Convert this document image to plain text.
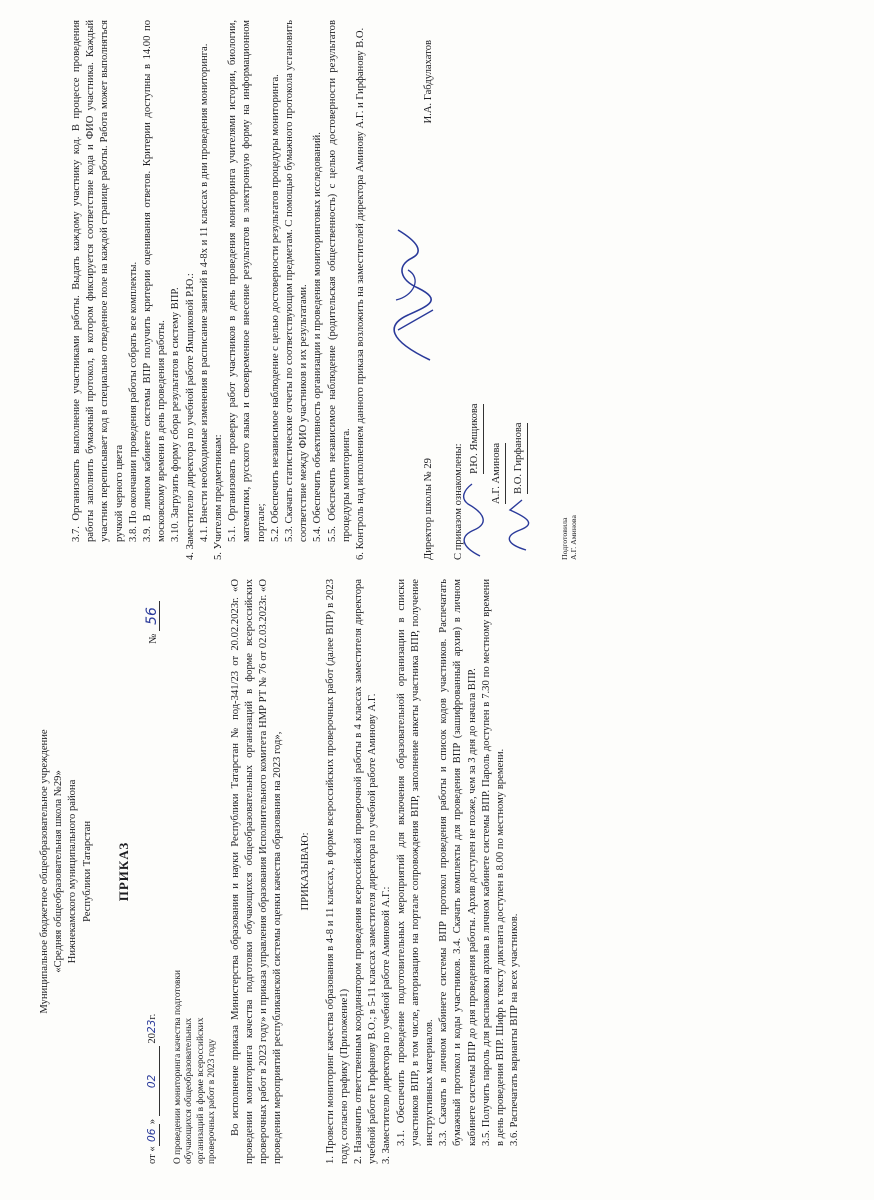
Муниципальное бюджетное общеобразовательное учреждение «Средняя общеобразовательная школа №29» Нижнекамского муниципального района Республики Татарстан ПРИКАЗ
от «06» 02 2023г.
№ 56
О проведении мониторинга качества подготовки обучающихся общеобразовательных организаций в форме всероссийских проверочных работ в 2023 году Во исполнение приказа Министерства образования и науки Республики Татарстан № под-341/23 от 20.02.2023г. «О проведении мониторинга качества подготовки обучающихся общеобразовательных организаций в форме всероссийских проверочных работ в 2023 году» и приказа управления образования Исполнительного комитета НМР РТ № 76 от 02.03.2023г. «О проведении мероприятий республиканской системы оценки качества образования на 2023 год», ПРИКАЗЫВАЮ: 1. Провести мониторинг качества образования в 4-8 и 11 классах, в форме всероссийских проверочных работ (далее ВПР) в 2023 году, согласно графику (Приложение1) 2. Назначить ответственным координатором проведения всероссийской проверочной работы в 4 классах заместителя директора учебной работе Гирфанову В.О.; в 5-11 классах заместителя директора по учебной работе Аминову А.Г. 3. Заместителю директора по учебной работе Аминовой А.Г.: 3.1. Обеспечить проведение подготовительных мероприятий для включения образовательной организации в списки участников ВПР, в том числе, авторизацию на портале сопровождения ВПР, заполнение анкеты участника ВПР, получение инструктивных материалов. 3.3. Скачать в личном кабинете системы ВПР протокол проведения работы и список кодов участников. Распечатать бумажный протокол и коды участников. 3.4. Скачать комплекты для проведения ВПР (зашифрованный архив) в личном кабинете системы ВПР до дня проведения работы. Архив доступен не позже, чем за 3 дня до начала ВПР. 3.5. Получить пароль для распаковки архива в личном кабинете системы ВПР. Пароль доступен в 7.30 по местному времени в день проведения ВПР. Шифр к тексту диктанта доступен в 8.00 по местному времени. 3.6. Распечатать варианты ВПР на всех участников.

3.7. Организовать выполнение участниками работы. Выдать каждому участнику код. В процессе проведения работы заполнить бумажный протокол, в котором фиксируется соответствие кода и ФИО участника. Каждый участник переписывает код в специально отведенное поле на каждой странице работы. Работа может выполняться ручкой черного цвета 3.8. По окончании проведения работы собрать все комплекты. 3.9. В личном кабинете системы ВПР получить критерии оценивания ответов. Критерии доступны в 14.00 по московскому времени в день проведения работы. 3.10. Загрузить форму сбора результатов в систему ВПР. 4. Заместителю директора по учебной работе Ямщиковой Р.Ю.: 4.1. Внести необходимые изменения в расписание занятий в 4-8х и 11 классах в дни проведения мониторинга. 5. Учителям предметникам: 5.1. Организовать проверку работ участников в день проведения мониторинга учителями истории, биологии, математики, русского языка и своевременное внесение результатов в электронную форму на информационном портале; 5.2. Обеспечить независимое наблюдение с целью достоверности результатов процедуры мониторинга. 5.3. Скачать статистические отчеты по соответствующим предметам. С помощью бумажного протокола установить соответствие между ФИО участников и их результатами. 5.4. Обеспечить объективность организации и проведения мониторинговых исследований. 5.5. Обеспечить независимое наблюдение (родительская общественность) с целью достоверности результатов процедуры мониторинга. 6. Контроль над исполнением данного приказа возложить на заместителей директора Аминову А.Г. и Гирфанову В.О.	Директор школы № 29
И.А. Габдулахатов
С приказом ознакомлены:
Р.Ю. Ямщикова	А.Г. Аминова	В.О. Гирфанова
Подготовила А.Г. Аминова
